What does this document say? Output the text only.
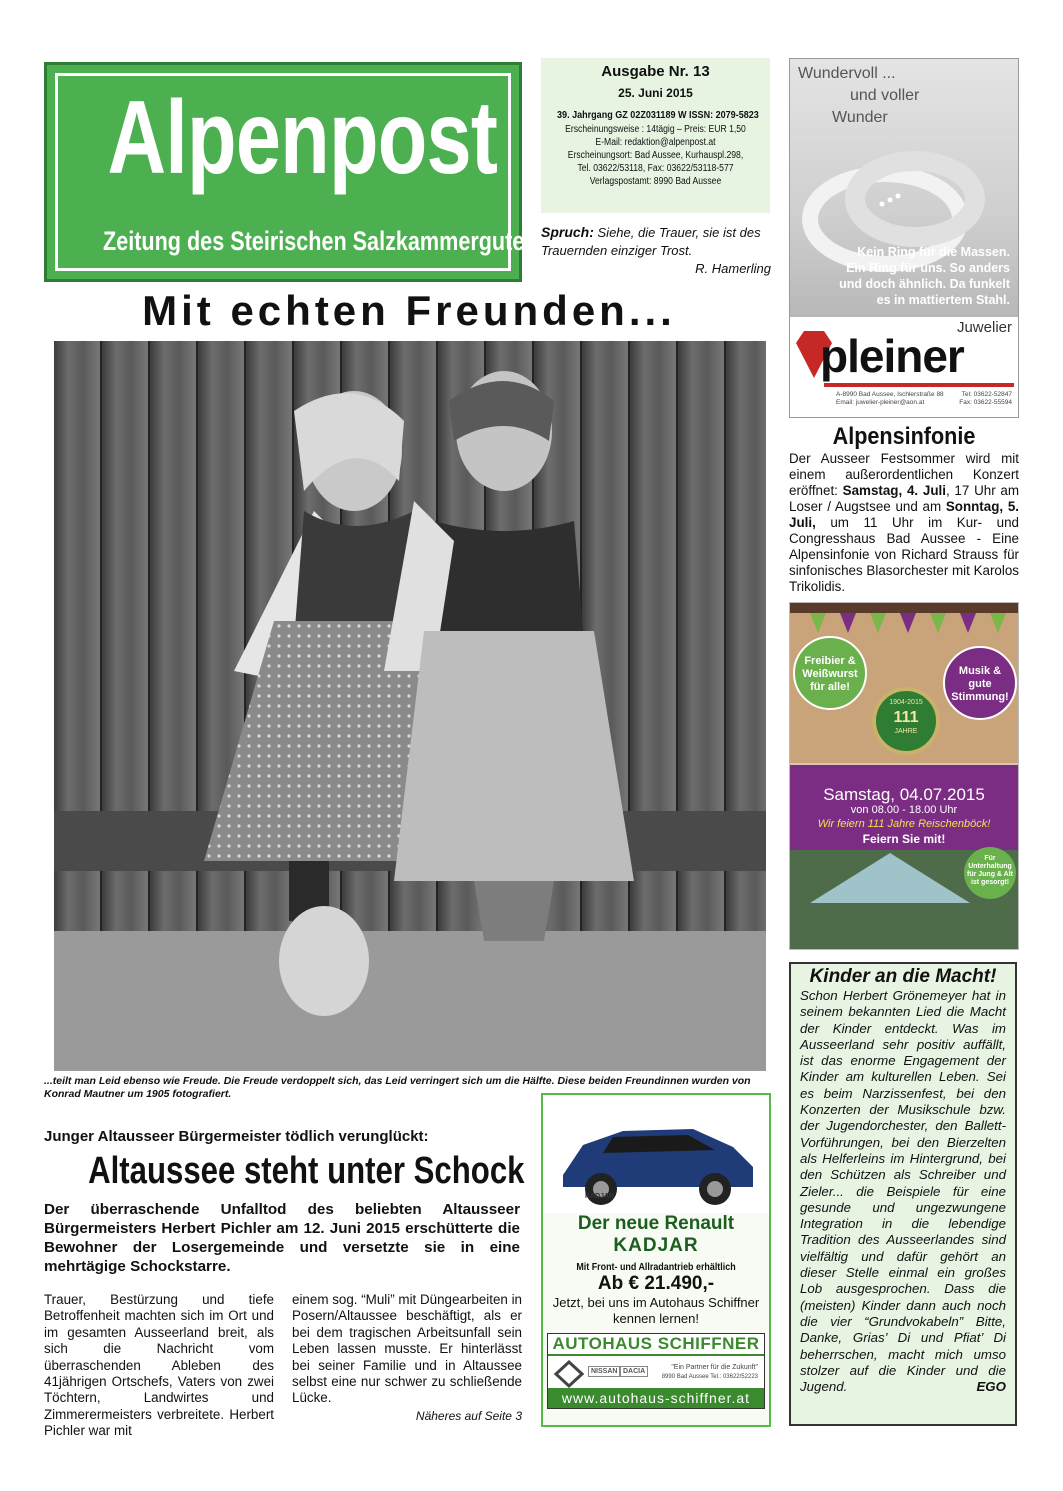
Alpenpost
Zeitung des Steirischen Salzkammergutes
Ausgabe Nr. 13
25. Juni 2015
39. Jahrgang GZ 02Z031189 W ISSN: 2079-5823
Erscheinungsweise : 14tägig – Preis: EUR 1,50
E-Mail: redaktion@alpenpost.at
Erscheinungsort: Bad Aussee, Kurhauspl.298,
Tel. 03622/53118, Fax: 03622/53118-577
Verlagspostamt: 8990 Bad Aussee
Spruch: Siehe, die Trauer, sie ist des Trauernden einziger Trost.
R. Hamerling
Mit echten Freunden...
...teilt man Leid ebenso wie Freude. Die Freude verdoppelt sich, das Leid verringert sich um die Hälfte. Diese beiden Freundinnen wurden von Konrad Mautner um 1905 fotografiert.
Wundervoll ...
und voller
Wunder
Kein Ring für die Massen.
Ein Ring für uns. So anders
und doch ähnlich. Da funkelt
es in mattiertem Stahl.
Juwelier
pleiner
A-8990 Bad Aussee, Ischlerstraße 88
Email: juwelier-pleiner@aon.at
Tel: 03622-52847
Fax: 03622-55594
Alpensinfonie
Der Ausseer Festsommer wird mit einem außerordentlichen Konzert eröffnet: Samstag, 4. Juli, 17 Uhr am Loser / Augstsee und am Sonntag, 5. Juli, um 11 Uhr im Kur- und Congresshaus Bad Aussee - Eine Alpensinfonie von Richard Strauss für sinfonisches Blasorchester mit Karolos Trikolidis.
Freibier & Weißwurst für alle!
Musik & gute Stimmung!
1904-2015
111
JAHRE
Samstag, 04.07.2015
von 08.00 - 18.00 Uhr
Wir feiern 111 Jahre Reischenböck!
Feiern Sie mit!
Für Unterhaltung für Jung & Alt ist gesorgt!
Kinder an die Macht!
Schon Herbert Grönemeyer hat in seinem bekannten Lied die Macht der Kinder entdeckt. Was im Ausseerland sehr positiv auffällt, ist das enorme Engagement der Kinder am kulturellen Leben. Sei es beim Narzissenfest, bei den Konzerten der Musikschule bzw. der Jugendorchester, den Ballett-Vorführungen, bei den Bierzelten als Helferleins im Hintergrund, bei den Schützen als Schreiber und Zieler... die Beispiele für eine gesunde und ungezwungene Integration in die lebendige Tradition des Ausseerlandes sind vielfältig und dafür gehört an dieser Stelle einmal ein großes Lob ausgesprochen. Dass die (meisten) Kinder dann auch noch die vier “Grundvokabeln” Bitte, Danke, Grias’ Di und Pfiat’ Di beherrschen, macht mich umso stolzer auf die Kinder und die Jugend.	EGO
Junger Altausseer Bürgermeister tödlich verunglückt:
Altaussee steht unter Schock
Der überraschende Unfalltod des beliebten Altausseer Bürgermeisters Herbert Pichler am 12. Juni 2015 erschütterte die Bewohner der Losergemeinde und versetzte sie in eine mehrtägige Schockstarre.
Trauer, Bestürzung und tiefe Betroffenheit machten sich im Ort und im gesamten Ausseerland breit, als sich die Nachricht vom überraschenden Ableben des 41jährigen Ortschefs, Vaters von zwei Töchtern, Landwirtes und Zimmerermeisters verbreitete. Herbert Pichler war mit
einem sog. “Muli” mit Düngearbeiten in Posern/Altaussee beschäftigt, als er bei dem tragischen Arbeitsunfall sein Leben lassen musste. Er hinterlässt bei seiner Familie und in Altaussee selbst eine nur schwer zu schließende Lücke.
Näheres auf Seite 3
KADJAR
Der neue Renault
KADJAR
Mit Front- und Allradantrieb erhältlich
Ab € 21.490,-
Jetzt, bei uns im Autohaus Schiffner kennen lernen!
AUTOHAUS SCHIFFNER
NISSAN DACIA
"Ein Partner für die Zukunft"
8990 Bad Aussee Tel.: 03622/52223
www.autohaus-schiffner.at
